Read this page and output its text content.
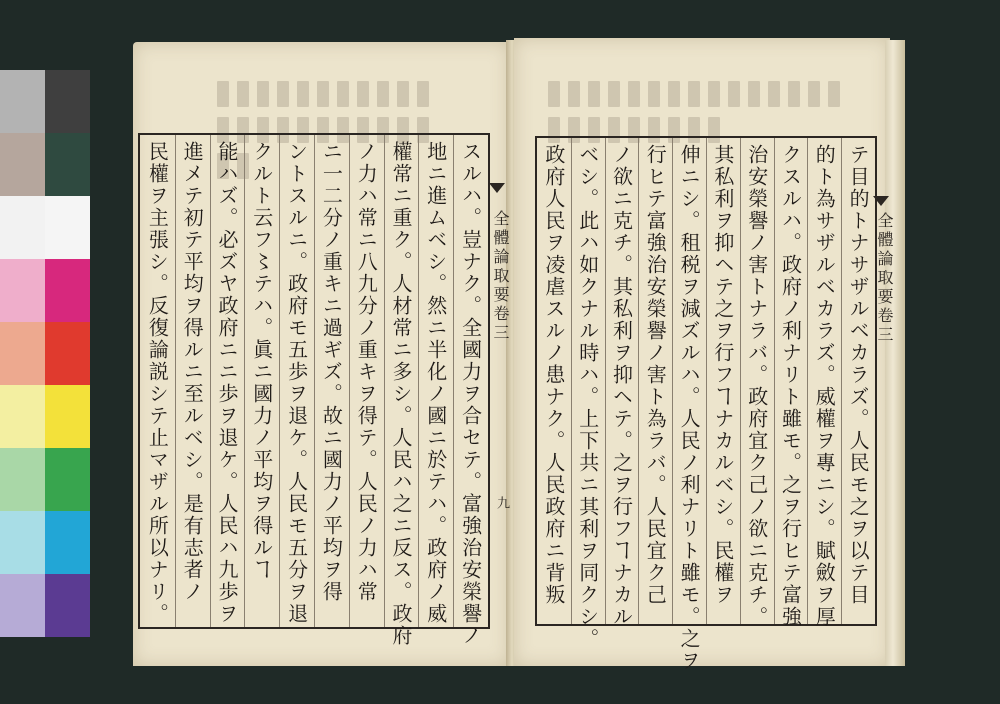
スルハ。豈ナク。全國力ヲ合セテ。富強治安榮譽ノ
地ニ進ムベシ。然ニ半化ノ國ニ於テハ。政府ノ威
權常ニ重ク。人材常ニ多シ。人民ハ之ニ反ス。政府
ノ力ハ常ニ八九分ノ重キヲ得テ。人民ノ力ハ常
ニ一二分ノ重キニ過ギズ。故ニ國力ノ平均ヲ得
ントスルニ。政府モ五歩ヲ退ケ。人民モ五分ヲ退
クルト云フ〻テハ。眞ニ國力ノ平均ヲ得ルヿ
能ハズ。必ズヤ政府ニニ歩ヲ退ケ。人民ハ九歩ヲ
進メテ初テ平均ヲ得ルニ至ルベシ。是有志者ノ
民權ヲ主張シ。反復論説シテ止マザル所以ナリ。	全體論取要卷三
九	テ目的トナサザルベカラズ。人民モ之ヲ以テ目
的ト為サザルベカラズ。威權ヲ專ニシ。賦斂ヲ厚
クスルハ。政府ノ利ナリト雖モ。之ヲ行ヒテ富強
治安榮譽ノ害トナラバ。政府宜ク己ノ欲ニ克チ。
其私利ヲ抑ヘテ之ヲ行フヿナカルベシ。民權ヲ
伸ニシ。租税ヲ減ズルハ。人民ノ利ナリト雖モ。之ヲ
行ヒテ富強治安榮譽ノ害ト為ラバ。人民宜ク己
ノ欲ニ克チ。其私利ヲ抑ヘテ。之ヲ行フヿナカル
ベシ。此ハ如クナル時ハ。上下共ニ其利ヲ同クシ。
政府人民ヲ凌虐スルノ患ナク。人民政府ニ背叛	全體論取要卷三
